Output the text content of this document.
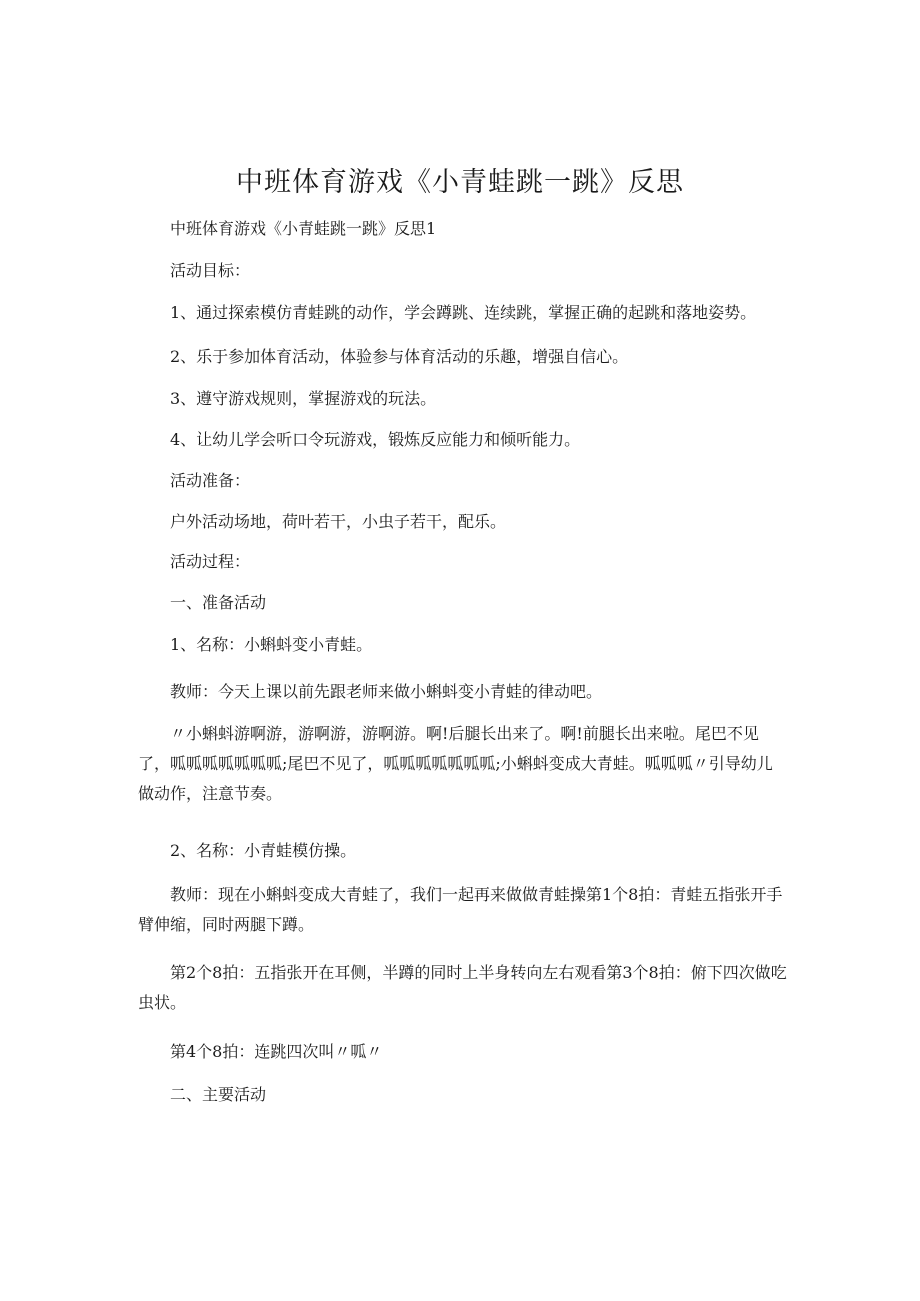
中班体育游戏《小青蛙跳一跳》反思

中班体育游戏《小青蛙跳一跳》反思1

活动目标：

1、通过探索模仿青蛙跳的动作，学会蹲跳、连续跳，掌握正确的起跳和落地姿势。

2、乐于参加体育活动，体验参与体育活动的乐趣，增强自信心。

3、遵守游戏规则，掌握游戏的玩法。

4、让幼儿学会听口令玩游戏，锻炼反应能力和倾听能力。

活动准备：

户外活动场地，荷叶若干，小虫子若干，配乐。

活动过程：

一、准备活动

1、名称：小蝌蚪变小青蛙。

教师：今天上课以前先跟老师来做小蝌蚪变小青蛙的律动吧。

〃小蝌蚪游啊游，游啊游，游啊游。啊!后腿长出来了。啊!前腿长出来啦。尾巴不见了，呱呱呱呱呱呱呱;尾巴不见了，呱呱呱呱呱呱呱;小蝌蚪变成大青蛙。呱呱呱〃引导幼儿做动作，注意节奏。

2、名称：小青蛙模仿操。

教师：现在小蝌蚪变成大青蛙了，我们一起再来做做青蛙操第1个8拍：青蛙五指张开手臂伸缩，同时两腿下蹲。

第2个8拍：五指张开在耳侧，半蹲的同时上半身转向左右观看第3个8拍：俯下四次做吃虫状。

第4个8拍：连跳四次叫〃呱〃

二、主要活动
